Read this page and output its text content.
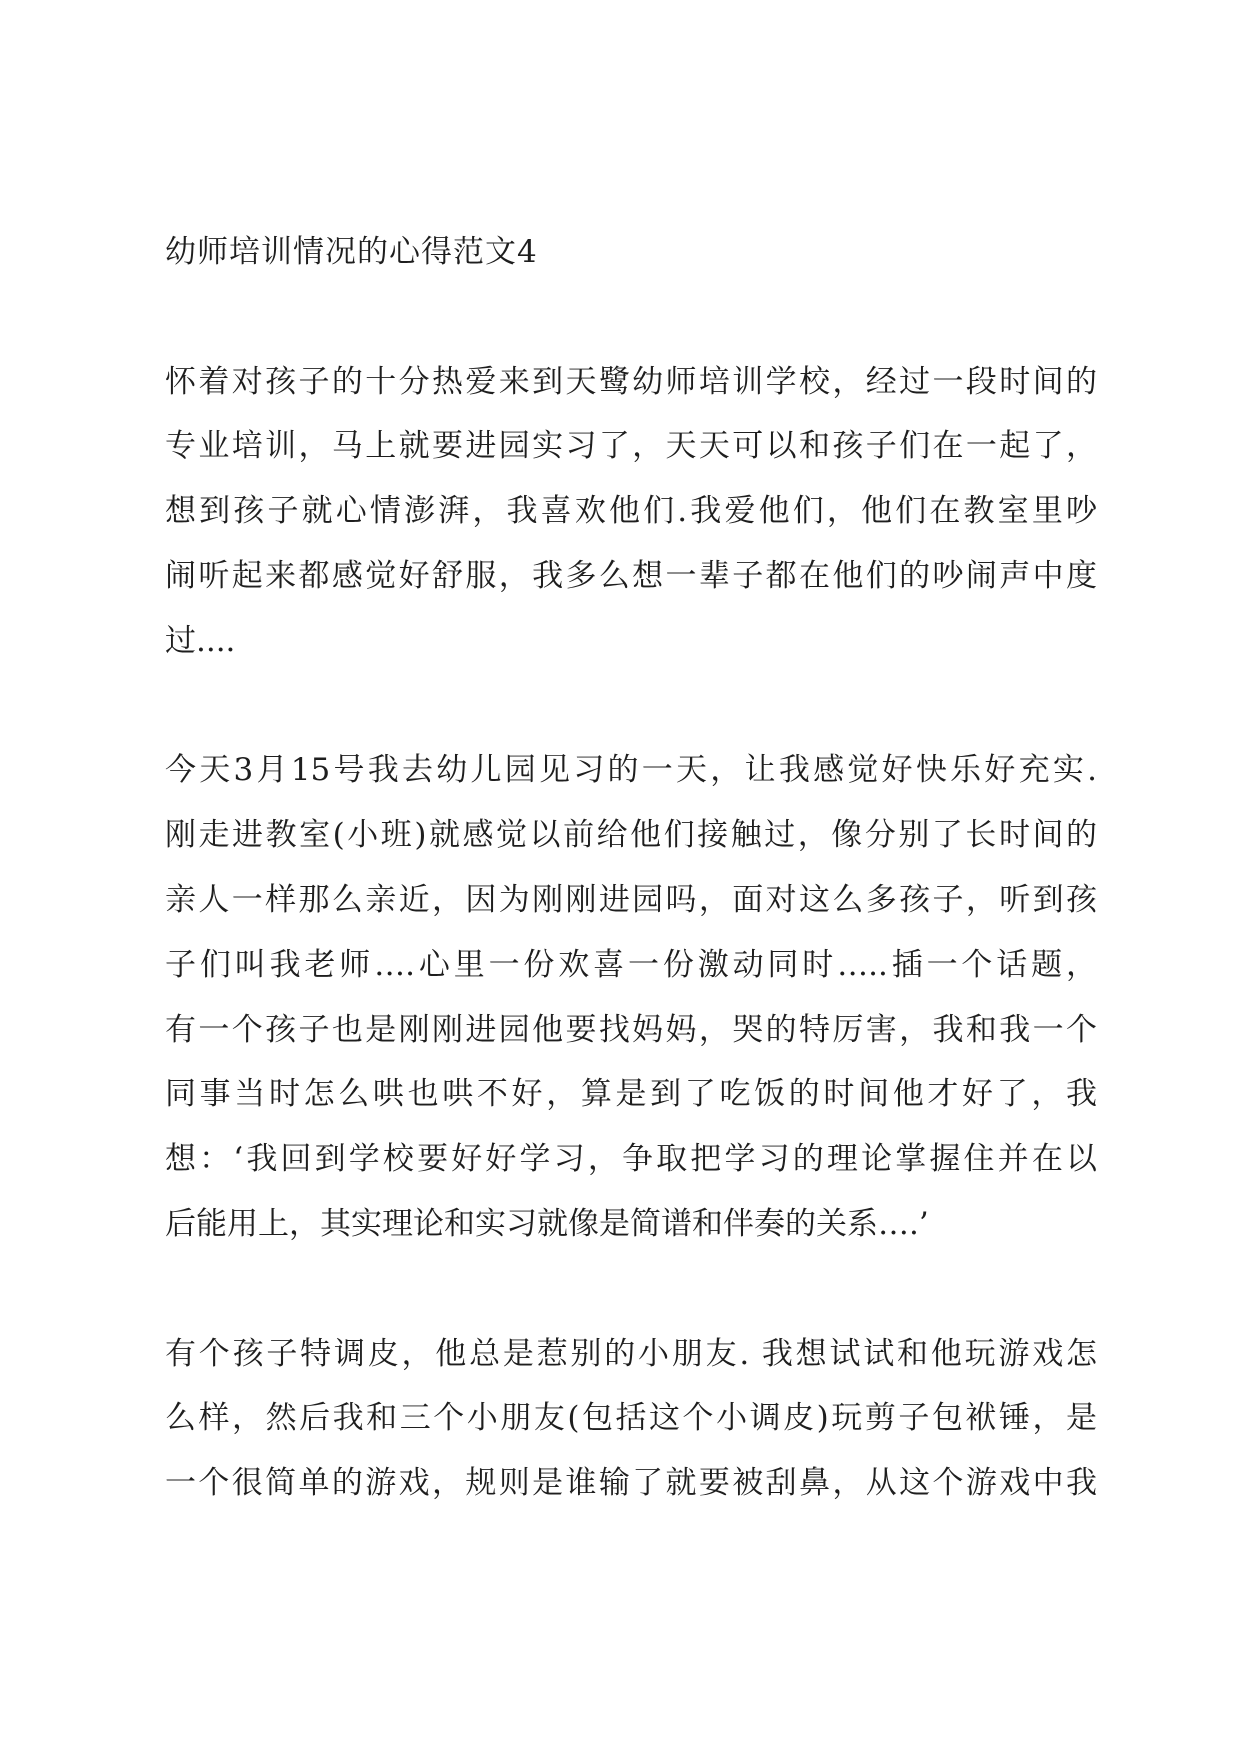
幼师培训情况的心得范文4
怀着对孩子的十分热爱来到天鹭幼师培训学校，经过一段时间的
专业培训，马上就要进园实习了，天天可以和孩子们在一起了，
想到孩子就心情澎湃，我喜欢他们.我爱他们，他们在教室里吵
闹听起来都感觉好舒服，我多么想一辈子都在他们的吵闹声中度
过....
今天3月15号我去幼儿园见习的一天，让我感觉好快乐好充实.
刚走进教室(小班)就感觉以前给他们接触过，像分别了长时间的
亲人一样那么亲近，因为刚刚进园吗，面对这么多孩子，听到孩
子们叫我老师….心里一份欢喜一份激动同时…..插一个话题，
有一个孩子也是刚刚进园他要找妈妈，哭的特厉害，我和我一个
同事当时怎么哄也哄不好，算是到了吃饭的时间他才好了，我
想：‘我回到学校要好好学习，争取把学习的理论掌握住并在以
后能用上，其实理论和实习就像是简谱和伴奏的关系….’
有个孩子特调皮，他总是惹别的小朋友. 我想试试和他玩游戏怎
么样，然后我和三个小朋友(包括这个小调皮)玩剪子包袱锤，是
一个很简单的游戏，规则是谁输了就要被刮鼻，从这个游戏中我
